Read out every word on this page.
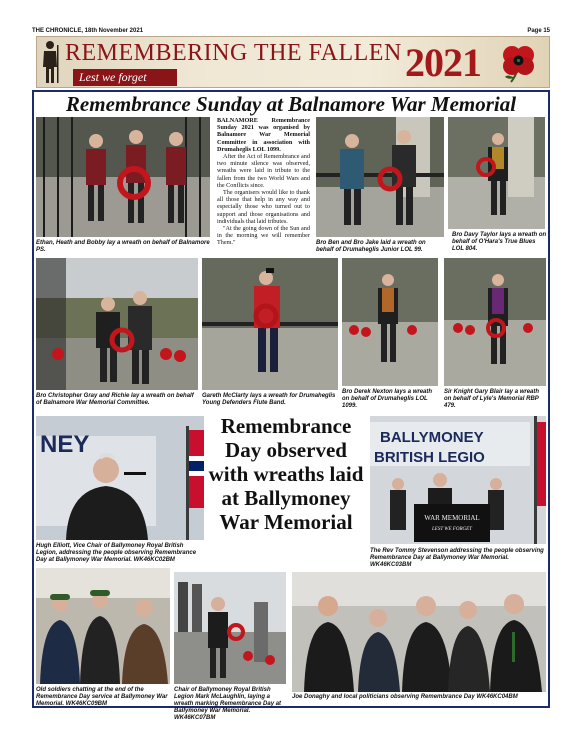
THE CHRONICLE, 18th November 2021	Page 15
REMEMBERING THE FALLEN
Lest we forget	2021
Remembrance Sunday at Balnamore War Memorial
Ethan, Heath and Bobby lay a wreath on behalf of Balnamore PS.

BALNAMORE Remembrance Sunday 2021 was organised by Balnamore War Memorial Committee in association with Drumaheglis LOL 1099.

After the Act of Remembrance and two minute silence was observed, wreaths were laid in tribute to the fallen from the two World Wars and the Conflicts since.

The organisers would like to thank all those that help in any way and especially those who turned out to support and those organisations and individuals that laid tributes.

"At the going down of the Sun and in the morning we will remember Them."	Bro Ben and Bro Jake laid a wreath on behalf of Drumaheglis Junior LOL 99.
Bro Davy Taylor lays a wreath on behalf of O'Hara's True Blues LOL 804.
Bro Christopher Gray and Richie lay a wreath on behalf of Balnamore War Memorial Committee.
Gareth McClarty lays a wreath for Drumaheglis Young Defenders Flute Band.
Bro Derek Nexton lays a wreath on behalf of Drumaheglis LOL 1099.
Sir Knight Gary Blair lay a wreath on behalf of Lyle's Memorial RBP 479.
NEY
Hugh Elliott, Vice Chair of Ballymoney Royal British Legion, addressing the people observing Remembrance Day at Ballymoney War Memorial. WK46KC02BM
Remembrance Day observed with wreaths laid at Ballymoney War Memorial
BALLYMONEY
BRITISH LEGIO
WAR MEMORIAL
LEST WE FORGET
The Rev Tommy Stevenson addressing the people observing Remembrance Day at Ballymoney War Memorial. WK46KC03BM
Old soldiers chatting at the end of the Remembrance Day service at Ballymoney War Memorial. WK46KC09BM
Chair of Ballymoney Royal British Legion Mark McLaughlin, laying a wreath marking Remembrance Day at Ballymoney War Memorial. WK46KC07BM
Joe Donaghy and local politicians observing Remembrance Day WK46KC04BM
